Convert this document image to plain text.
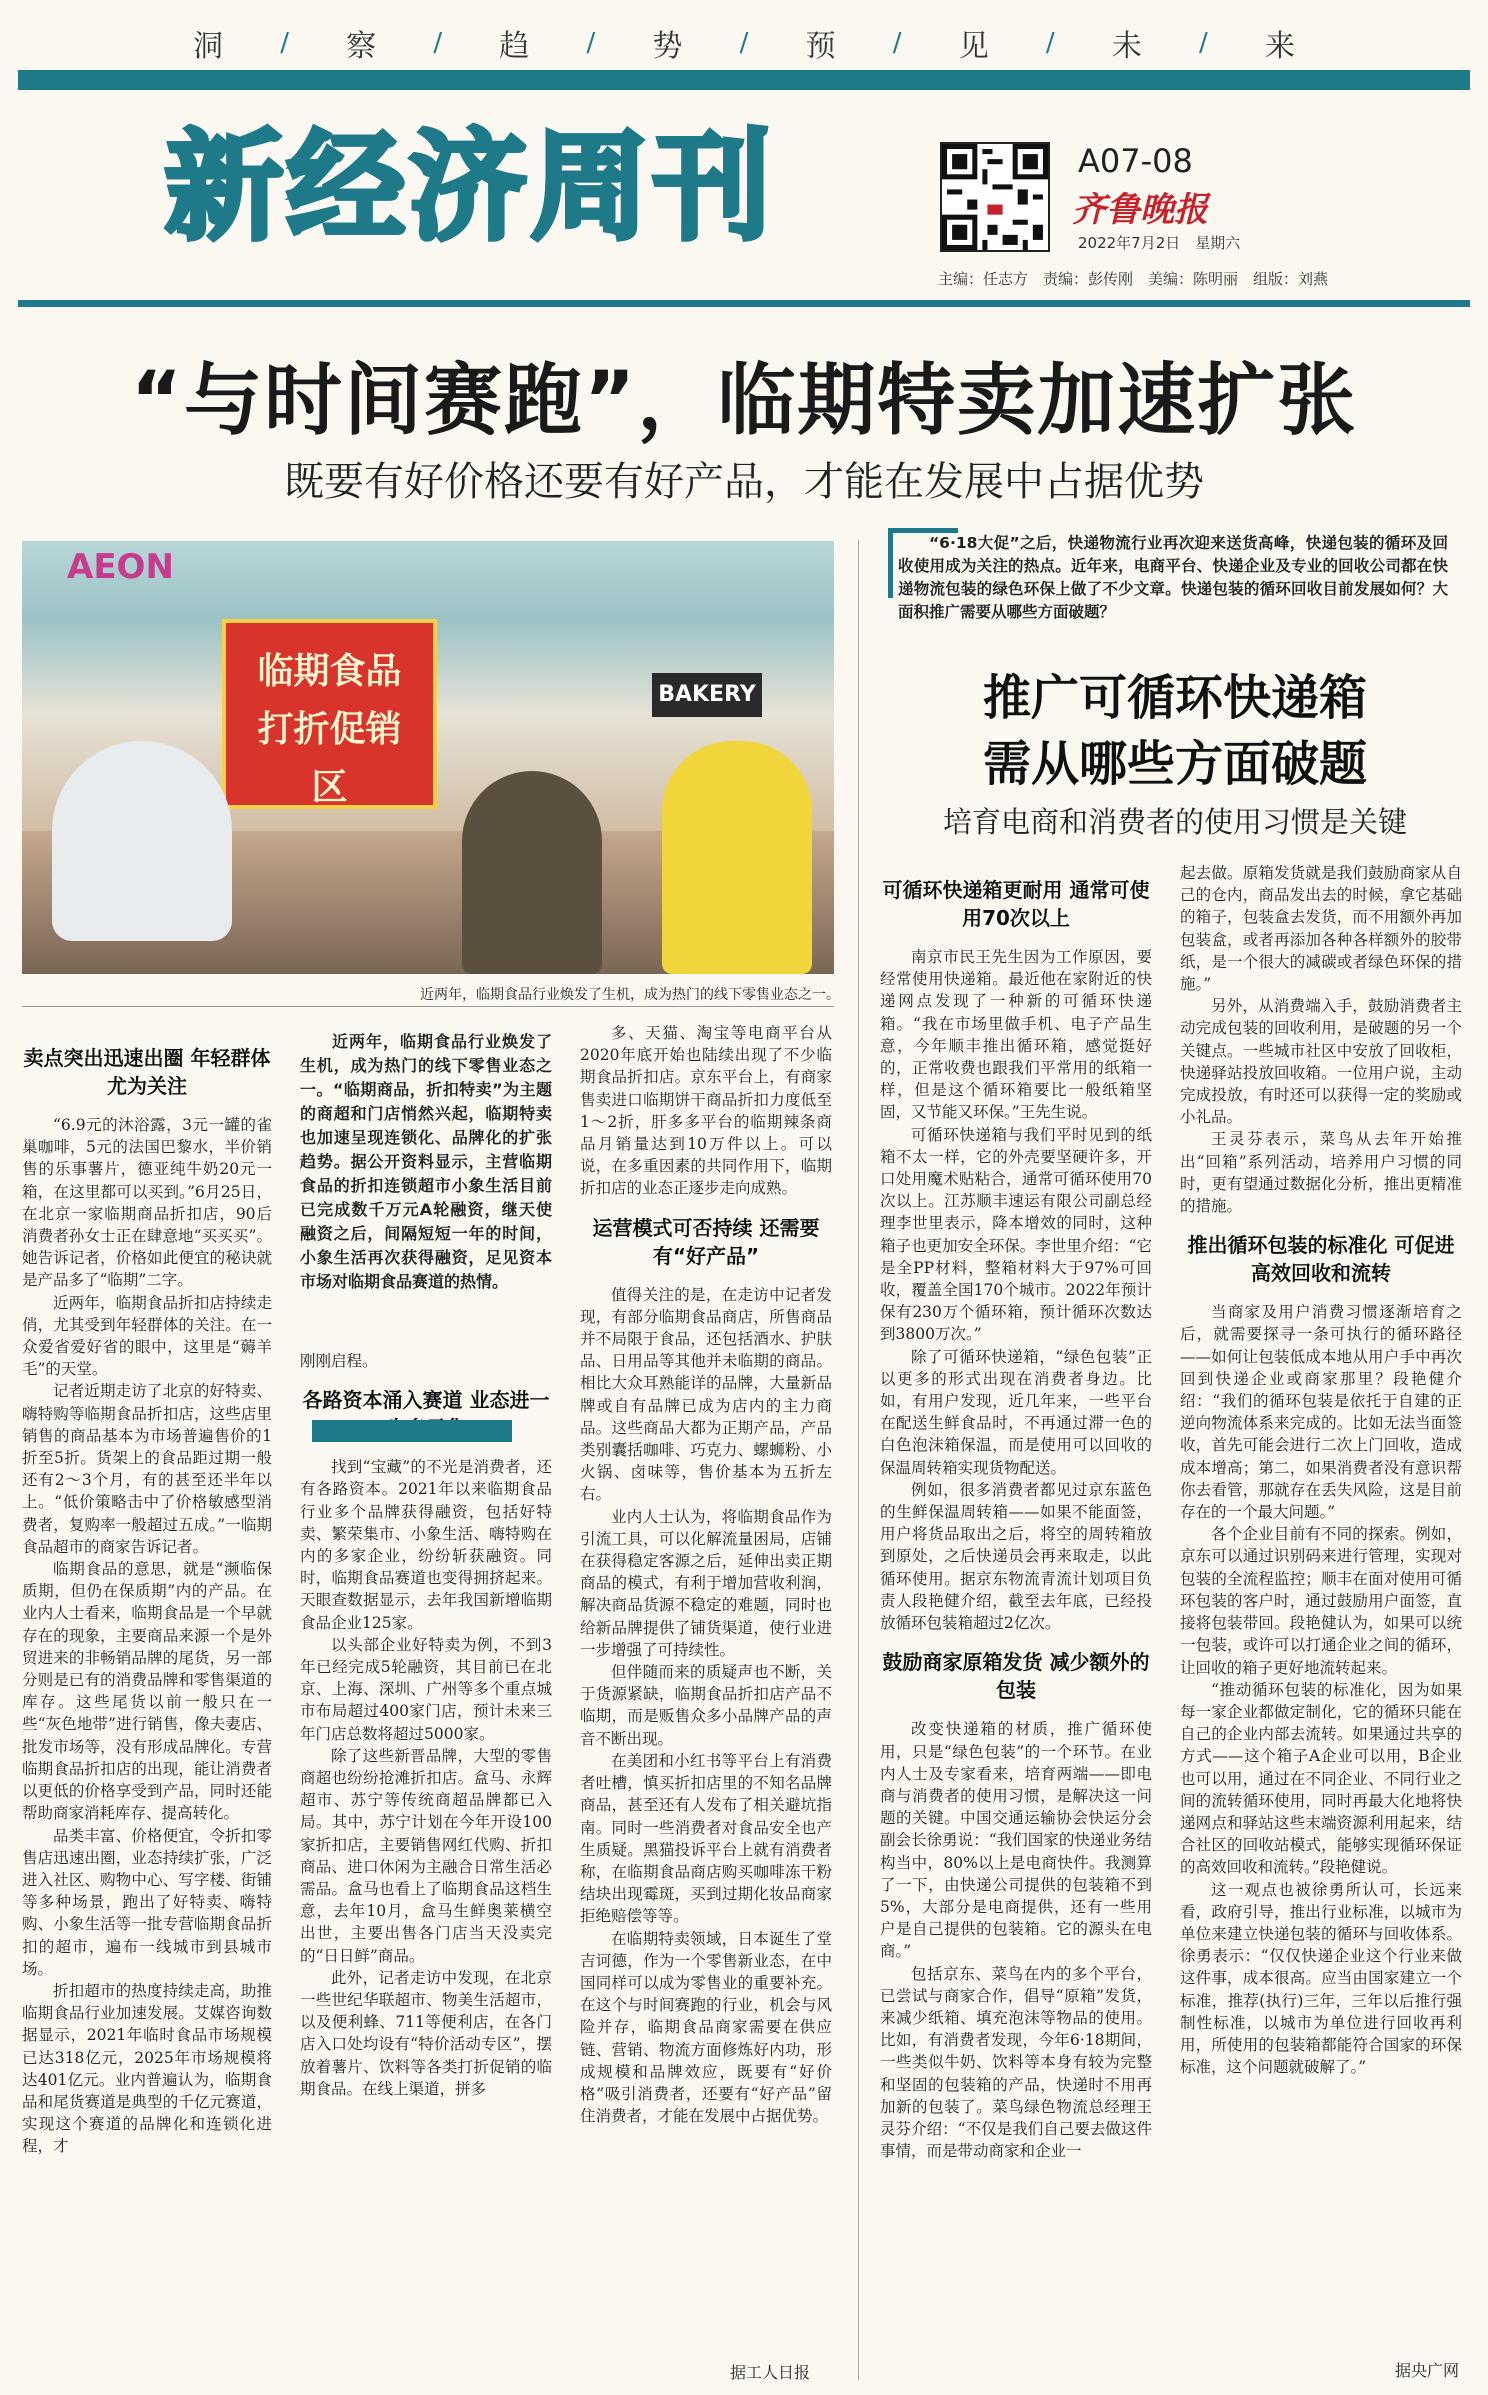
洞 / 察 / 趋 / 势 / 预 / 见 / 未 / 来
新经济周刊	A07-08
齐鲁晚报
2022年7月2日　星期六
主编：任志方　责编：彭传刚　美编：陈明丽　组版：刘燕
“与时间赛跑”，临期特卖加速扩张
既要有好价格还要有好产品，才能在发展中占据优势
AEON
临期食品打折促销区
BAKERY
近两年，临期食品行业焕发了生机，成为热门的线下零售业态之一。
卖点突出迅速出圈 年轻群体尤为关注

“6.9元的沐浴露，3元一罐的雀巢咖啡，5元的法国巴黎水，半价销售的乐事薯片，德亚纯牛奶20元一箱，在这里都可以买到。”6月25日，在北京一家临期商品折扣店，90后消费者孙女士正在肆意地“买买买”。她告诉记者，价格如此便宜的秘诀就是产品多了“临期”二字。

近两年，临期食品折扣店持续走俏，尤其受到年轻群体的关注。在一众爱省爱好省的眼中，这里是“薅羊毛”的天堂。

记者近期走访了北京的好特卖、嗨特购等临期食品折扣店，这些店里销售的商品基本为市场普遍售价的1折至5折。货架上的食品距过期一般还有2～3个月，有的甚至还半年以上。“低价策略击中了价格敏感型消费者，复购率一般超过五成。”一临期食品超市的商家告诉记者。

临期食品的意思，就是“濒临保质期，但仍在保质期”内的产品。在业内人士看来，临期食品是一个早就存在的现象，主要商品来源一个是外贸进来的非畅销品牌的尾货，另一部分则是已有的消费品牌和零售渠道的库存。这些尾货以前一般只在一些“灰色地带”进行销售，像夫妻店、批发市场等，没有形成品牌化。专营临期食品折扣店的出现，能让消费者以更低的价格享受到产品，同时还能帮助商家消耗库存、提高转化。

品类丰富、价格便宜，令折扣零售店迅速出圈，业态持续扩张，广泛进入社区、购物中心、写字楼、街铺等多种场景，跑出了好特卖、嗨特购、小象生活等一批专营临期食品折扣的超市，遍布一线城市到县城市场。

折扣超市的热度持续走高，助推临期食品行业加速发展。艾媒咨询数据显示，2021年临时食品市场规模已达318亿元，2025年市场规模将达401亿元。业内普遍认为，临期食品和尾货赛道是典型的千亿元赛道，实现这个赛道的品牌化和连锁化进程，才

近两年，临期食品行业焕发了生机，成为热门的线下零售业态之一。“临期商品，折扣特卖”为主题的商超和门店悄然兴起，临期特卖也加速呈现连锁化、品牌化的扩张趋势。据公开资料显示，主营临期食品的折扣连锁超市小象生活目前已完成数千万元A轮融资，继天使融资之后，间隔短短一年的时间，小象生活再次获得融资，足见资本市场对临期食品赛道的热情。

刚刚启程。

各路资本涌入赛道 业态进一

找到“宝藏”的不光是消费者，还有各路资本。2021年以来临期食品行业多个品牌获得融资，包括好特卖、繁荣集市、小象生活、嗨特购在内的多家企业，纷纷斩获融资。同时，临期食品赛道也变得拥挤起来。天眼查数据显示，去年我国新增临期食品企业125家。

以头部企业好特卖为例，不到3年已经完成5轮融资，其目前已在北京、上海、深圳、广州等多个重点城市布局超过400家门店，预计未来三年门店总数将超过5000家。

除了这些新晋品牌，大型的零售商超也纷纷抢滩折扣店。盒马、永辉超市、苏宁等传统商超品牌都已入局。其中，苏宁计划在今年开设100家折扣店，主要销售网红代购、折扣商品、进口休闲为主融合日常生活必需品。盒马也看上了临期食品这档生意，去年10月，盒马生鲜奥莱横空出世，主要出售各门店当天没卖完的“日日鲜”商品。

此外，记者走访中发现，在北京一些世纪华联超市、物美生活超市，以及便利蜂、711等便利店，在各门店入口处均设有“特价活动专区”，摆放着薯片、饮料等各类打折促销的临期食品。在线上渠道，拼多

多、天猫、淘宝等电商平台从2020年底开始也陆续出现了不少临期食品折扣店。京东平台上，有商家售卖进口临期饼干商品折扣力度低至1～2折，肝多多平台的临期辣条商品月销量达到10万件以上。可以说，在多重因素的共同作用下，临期折扣店的业态正逐步走向成熟。

运营模式可否持续 还需要有“好产品”

值得关注的是，在走访中记者发现，有部分临期食品商店，所售商品并不局限于食品，还包括酒水、护肤品、日用品等其他并未临期的商品。相比大众耳熟能详的品牌，大量新品牌或自有品牌已成为店内的主力商品。这些商品大都为正期产品，产品类别囊括咖啡、巧克力、螺蛳粉、小火锅、卤味等，售价基本为五折左右。

业内人士认为，将临期食品作为引流工具，可以化解流量困局，店铺在获得稳定客源之后，延伸出卖正期商品的模式，有利于增加营收利润，解决商品货源不稳定的难题，同时也给新品牌提供了铺货渠道，使行业进一步增强了可持续性。

但伴随而来的质疑声也不断，关于货源紧缺，临期食品折扣店产品不临期，而是贩售众多小品牌产品的声音不断出现。

在美团和小红书等平台上有消费者吐槽，慎买折扣店里的不知名品牌商品，甚至还有人发布了相关避坑指南。同时一些消费者对食品安全也产生质疑。黑猫投诉平台上就有消费者称，在临期食品商店购买咖啡冻干粉结块出现霉斑，买到过期化妆品商家拒绝赔偿等等。

在临期特卖领域，日本诞生了堂吉诃德，作为一个零售新业态，在中国同样可以成为零售业的重要补充。在这个与时间赛跑的行业，机会与风险并存，临期食品商家需要在供应链、营销、物流方面修炼好内功，形成规模和品牌效应，既要有“好价格”吸引消费者，还要有“好产品”留住消费者，才能在发展中占据优势。

据工人日报
“6·18大促”之后，快递物流行业再次迎来送货高峰，快递包装的循环及回收使用成为关注的热点。近年来，电商平台、快递企业及专业的回收公司都在快递物流包装的绿色环保上做了不少文章。快递包装的循环回收目前发展如何？大面积推广需要从哪些方面破题？
推广可循环快递箱
需从哪些方面破题
培育电商和消费者的使用习惯是关键
可循环快递箱更耐用 通常可使用70次以上

南京市民王先生因为工作原因，要经常使用快递箱。最近他在家附近的快递网点发现了一种新的可循环快递箱。“我在市场里做手机、电子产品生意，今年顺丰推出循环箱，感觉挺好的，正常收费也跟我们平常用的纸箱一样，但是这个循环箱要比一般纸箱坚固，又节能又环保。”王先生说。

可循环快递箱与我们平时见到的纸箱不太一样，它的外壳要坚硬许多，开口处用魔术贴粘合，通常可循环使用70次以上。江苏顺丰速运有限公司副总经理李世里表示，降本增效的同时，这种箱子也更加安全环保。李世里介绍：“它是全PP材料，整箱材料大于97%可回收，覆盖全国170个城市。2022年预计保有230万个循环箱，预计循环次数达到3800万次。”

除了可循环快递箱，“绿色包装”正以更多的形式出现在消费者身边。比如，有用户发现，近几年来，一些平台在配送生鲜食品时，不再通过滞一色的白色泡沫箱保温，而是使用可以回收的保温周转箱实现货物配送。

例如，很多消费者都见过京东蓝色的生鲜保温周转箱——如果不能面签，用户将货品取出之后，将空的周转箱放到原处，之后快递员会再来取走，以此循环使用。据京东物流青流计划项目负责人段艳健介绍，截至去年底，已经投放循环包装箱超过2亿次。

鼓励商家原箱发货 减少额外的包装

改变快递箱的材质，推广循环使用，只是“绿色包装”的一个环节。在业内人士及专家看来，培育两端——即电商与消费者的使用习惯，是解决这一问题的关键。中国交通运输协会快运分会副会长徐勇说：“我们国家的快递业务结构当中，80%以上是电商快件。我测算了一下，由快递公司提供的包装箱不到5%，大部分是电商提供，还有一些用户是自己提供的包装箱。它的源头在电商。”

包括京东、菜鸟在内的多个平台，已尝试与商家合作，倡导“原箱”发货，来减少纸箱、填充泡沫等物品的使用。比如，有消费者发现，今年6·18期间，一些类似牛奶、饮料等本身有较为完整和坚固的包装箱的产品，快递时不用再加新的包装了。菜鸟绿色物流总经理王灵芬介绍：“不仅是我们自己要去做这件事情，而是带动商家和企业一

起去做。原箱发货就是我们鼓励商家从自己的仓内，商品发出去的时候，拿它基础的箱子，包装盒去发货，而不用额外再加包装盒，或者再添加各种各样额外的胶带纸，是一个很大的减碳或者绿色环保的措施。”

另外，从消费端入手，鼓励消费者主动完成包装的回收利用，是破题的另一个关键点。一些城市社区中安放了回收柜，快递驿站投放回收箱。一位用户说，主动完成投放，有时还可以获得一定的奖励或小礼品。

王灵芬表示，菜鸟从去年开始推出“回箱”系列活动，培养用户习惯的同时，更有望通过数据化分析，推出更精准的措施。

推出循环包装的标准化 可促进高效回收和流转

当商家及用户消费习惯逐渐培育之后，就需要探寻一条可执行的循环路径——如何让包装低成本地从用户手中再次回到快递企业或商家那里？段艳健介绍：“我们的循环包装是依托于自建的正逆向物流体系来完成的。比如无法当面签收，首先可能会进行二次上门回收，造成成本增高；第二，如果消费者没有意识帮你去看管，那就存在丢失风险，这是目前存在的一个最大问题。”

各个企业目前有不同的探索。例如，京东可以通过识别码来进行管理，实现对包装的全流程监控；顺丰在面对使用可循环包装的客户时，通过鼓励用户面签，直接将包装带回。段艳健认为，如果可以统一包装，或许可以打通企业之间的循环，让回收的箱子更好地流转起来。

“推动循环包装的标准化，因为如果每一家企业都做定制化，它的循环只能在自己的企业内部去流转。如果通过共享的方式——这个箱子A企业可以用，B企业也可以用，通过在不同企业、不同行业之间的流转循环使用，同时再最大化地将快递网点和驿站这些末端资源利用起来，结合社区的回收站模式，能够实现循环保证的高效回收和流转。”段艳健说。

这一观点也被徐勇所认可，长远来看，政府引导，推出行业标准，以城市为单位来建立快递包装的循环与回收体系。徐勇表示：“仅仅快递企业这个行业来做这件事，成本很高。应当由国家建立一个标准，推荐(执行)三年，三年以后推行强制性标准，以城市为单位进行回收再利用，所使用的包装箱都能符合国家的环保标准，这个问题就破解了。”

据央广网
